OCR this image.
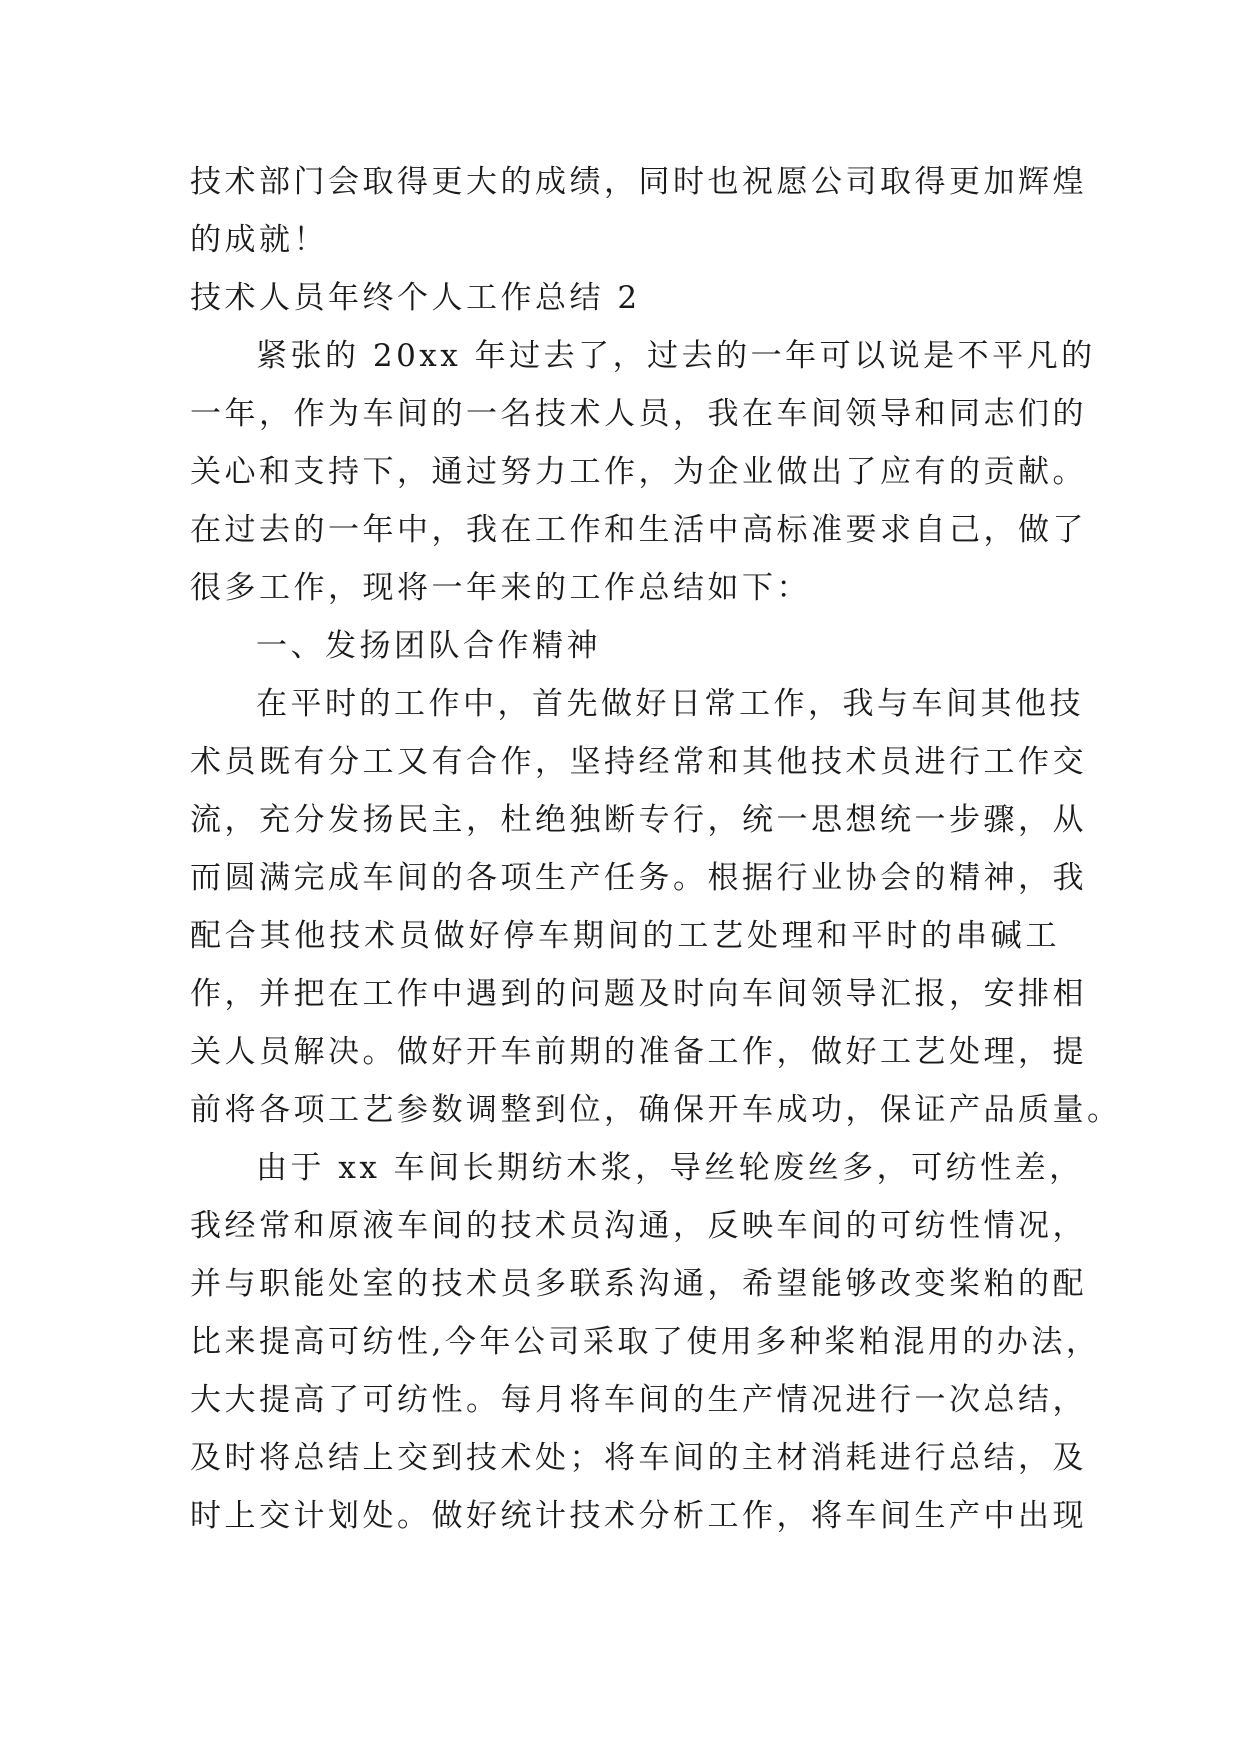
技术部门会取得更大的成绩，同时也祝愿公司取得更加辉煌
的成就！
技术人员年终个人工作总结 2
紧张的 20xx 年过去了，过去的一年可以说是不平凡的
一年，作为车间的一名技术人员，我在车间领导和同志们的
关心和支持下，通过努力工作，为企业做出了应有的贡献。
在过去的一年中，我在工作和生活中高标准要求自己，做了
很多工作，现将一年来的工作总结如下：
一、发扬团队合作精神
在平时的工作中，首先做好日常工作，我与车间其他技
术员既有分工又有合作，坚持经常和其他技术员进行工作交
流，充分发扬民主，杜绝独断专行，统一思想统一步骤，从
而圆满完成车间的各项生产任务。根据行业协会的精神，我
配合其他技术员做好停车期间的工艺处理和平时的串碱工
作，并把在工作中遇到的问题及时向车间领导汇报，安排相
关人员解决。做好开车前期的准备工作，做好工艺处理，提
前将各项工艺参数调整到位，确保开车成功，保证产品质量。
由于 xx 车间长期纺木浆，导丝轮废丝多，可纺性差，
我经常和原液车间的技术员沟通，反映车间的可纺性情况，
并与职能处室的技术员多联系沟通，希望能够改变桨粕的配
比来提高可纺性,今年公司采取了使用多种桨粕混用的办法，
大大提高了可纺性。每月将车间的生产情况进行一次总结，
及时将总结上交到技术处；将车间的主材消耗进行总结，及
时上交计划处。做好统计技术分析工作，将车间生产中出现
